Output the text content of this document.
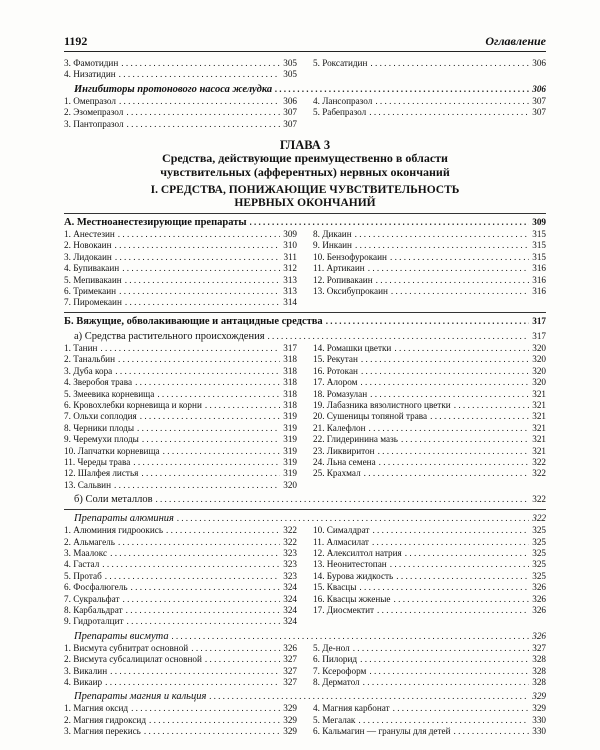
1192	Оглавление
3. Фамотидин . . .	305
4. Низатидин . . .	305
5. Роксатидин . . .	306
Ингибиторы протонового насоса желудка . . .	306
1. Омепразол . . .	306
2. Эзомепразол . . .	307
3. Пантопразол . . .	307
4. Лансопразол . . .	307
5. Рабепразол . . .	307
ГЛАВА 3
Средства, действующие преимущественно в области
чувствительных (афферентных) нервных окончаний
I. СРЕДСТВА, ПОНИЖАЮЩИЕ ЧУВСТВИТЕЛЬНОСТЬ
НЕРВНЫХ ОКОНЧАНИЙ
А. Местноанестезирующие препараты . . .	309
1. Анестезин . . .	309
2. Новокаин . . .	310
3. Лидокаин . . .	311
4. Бупивакаин . . .	312
5. Мепивакаин . . .	313
6. Тримекаин . . .	313
7. Пиромекаин . . .	314
8. Дикаин . . .	315
9. Инкаин . . .	315
10. Бензофурокаин . . .	315
11. Артикаин . . .	316
12. Ропивакаин . . .	316
13. Оксибупрокаин . . .	316
Б. Вяжущие, обволакивающие и антацидные средства . . .	317
а) Средства растительного происхождения . . .	317
1. Танин . . .	317
2. Танальбин . . .	318
3. Дуба кора . . .	318
4. Зверобоя трава . . .	318
5. Змеевика корневища . . .	318
6. Кровохлебки корневища и корни . . .	318
7. Ольхи соплодия . . .	319
8. Черники плоды . . .	319
9. Черемухи плоды . . .	319
10. Лапчатки корневища . . .	319
11. Череды трава . . .	319
12. Шалфея листья . . .	319
13. Сальвин . . .	320
14. Ромашки цветки . . .	320
15. Рекутан . . .	320
16. Ротокан . . .	320
17. Алором . . .	320
18. Ромазулан . . .	321
19. Лабазника вязолистного цветки . . .	321
20. Сушеницы топяной трава . . .	321
21. Калефлон . . .	321
22. Глидеринина мазь . . .	321
23. Ликвиритон . . .	321
24. Льна семена . . .	322
25. Крахмал . . .	322
б) Соли металлов . . .	322
Препараты алюминия . . .	322
1. Алюминия гидроокись . . .	322
2. Альмагель . . .	322
3. Маалокс . . .	323
4. Гастал . . .	323
5. Протаб . . .	323
6. Фосфалюгель . . .	324
7. Сукральфат . . .	324
8. Карбальдрат . . .	324
9. Гидроталцит . . .	324
10. Сималдрат . . .	325
11. Алмасилат . . .	325
12. Алексилтол натрия . . .	325
13. Неонитестопан . . .	325
14. Бурова жидкость . . .	325
15. Квасцы . . .	326
16. Квасцы жженые . . .	326
17. Диосмектит . . .	326
Препараты висмута . . .	326
1. Висмута субнитрат основной . . .	326
2. Висмута субсалицилат основной . . .	327
3. Викалин . . .	327
4. Викаир . . .	327
5. Де-нол . . .	327
6. Пилорид . . .	328
7. Ксероформ . . .	328
8. Дерматол . . .	328
Препараты магния и кальция . . .	329
1. Магния оксид . . .	329
2. Магния гидроксид . . .	329
3. Магния перекись . . .	329
4. Магния карбонат . . .	329
5. Мегалак . . .	330
6. Кальмагин — гранулы для детей . . .	330
